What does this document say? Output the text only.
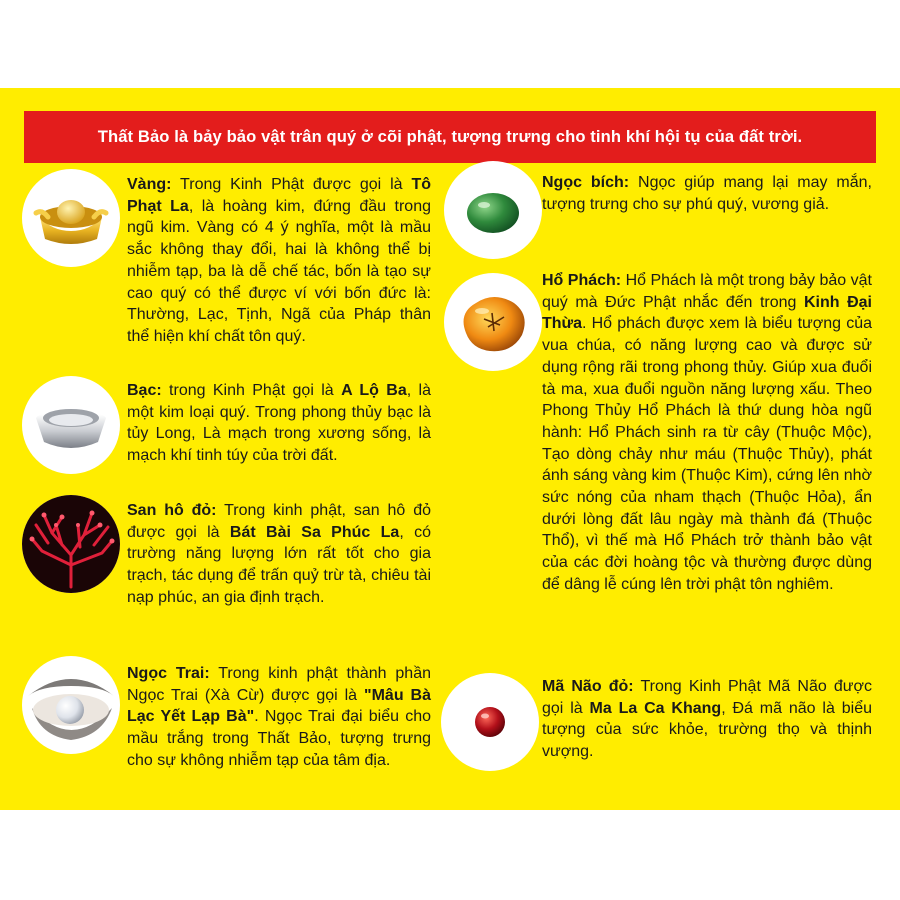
Thất Bảo là bảy bảo vật trân quý ở cõi phật, tượng trưng cho tinh khí hội tụ của đất trời.
Vàng: Trong Kinh Phật được gọi là Tô Phạt La, là hoàng kim, đứng đầu trong ngũ kim. Vàng có 4 ý nghĩa, một là mầu sắc không thay đổi, hai là không thể bị nhiễm tạp, ba là dễ chế tác, bốn là tạo sự cao quý có thể được ví với bốn đức là: Thường, Lạc, Tịnh, Ngã của Pháp thân thể hiện khí chất tôn quý.
Bạc: trong Kinh Phật gọi là A Lộ Ba, là một kim loại quý. Trong phong thủy bạc là tủy Long, Là mạch trong xương sống, là mạch khí tinh túy của trời đất.
San hô đỏ: Trong kinh phật, san hô đỏ được gọi là Bát Bài Sa Phúc La, có trường năng lượng lớn rất tốt cho gia trạch, tác dụng để trấn quỷ trừ tà, chiêu tài nạp phúc, an gia định trạch.
Ngọc Trai: Trong kinh phật thành phần Ngọc Trai (Xà Cừ) được gọi là "Mâu Bà Lạc Yết Lạp Bà". Ngọc Trai đại biểu cho mầu trắng trong Thất Bảo, tượng trưng cho sự không nhiễm tạp của tâm địa.
Ngọc bích: Ngọc giúp mang lại may mắn, tượng trưng cho sự phú quý, vương giả.
Hổ Phách: Hổ Phách là một trong bảy bảo vật quý mà Đức Phật nhắc đến trong Kinh Đại Thừa. Hổ phách được xem là biểu tượng của vua chúa, có năng lượng cao và được sử dụng rộng rãi trong phong thủy. Giúp xua đuổi tà ma, xua đuổi nguồn năng lượng xấu. Theo Phong Thủy Hổ Phách là thứ dung hòa ngũ hành: Hổ Phách sinh ra từ cây (Thuộc Mộc), Tạo dòng chảy như máu (Thuộc Thủy), phát ánh sáng vàng kim (Thuộc Kim), cứng lên nhờ sức nóng của nham thạch (Thuộc Hỏa), ẩn dưới lòng đất lâu ngày mà thành đá (Thuộc Thổ), vì thế mà Hổ Phách trở thành bảo vật của các đời hoàng tộc và thường được dùng để dâng lễ cúng lên trời phật tôn nghiêm.
Mã Não đỏ: Trong Kinh Phật Mã Não được gọi là Ma La Ca Khang, Đá mã não là biểu tượng của sức khỏe, trường thọ và thịnh vượng.
